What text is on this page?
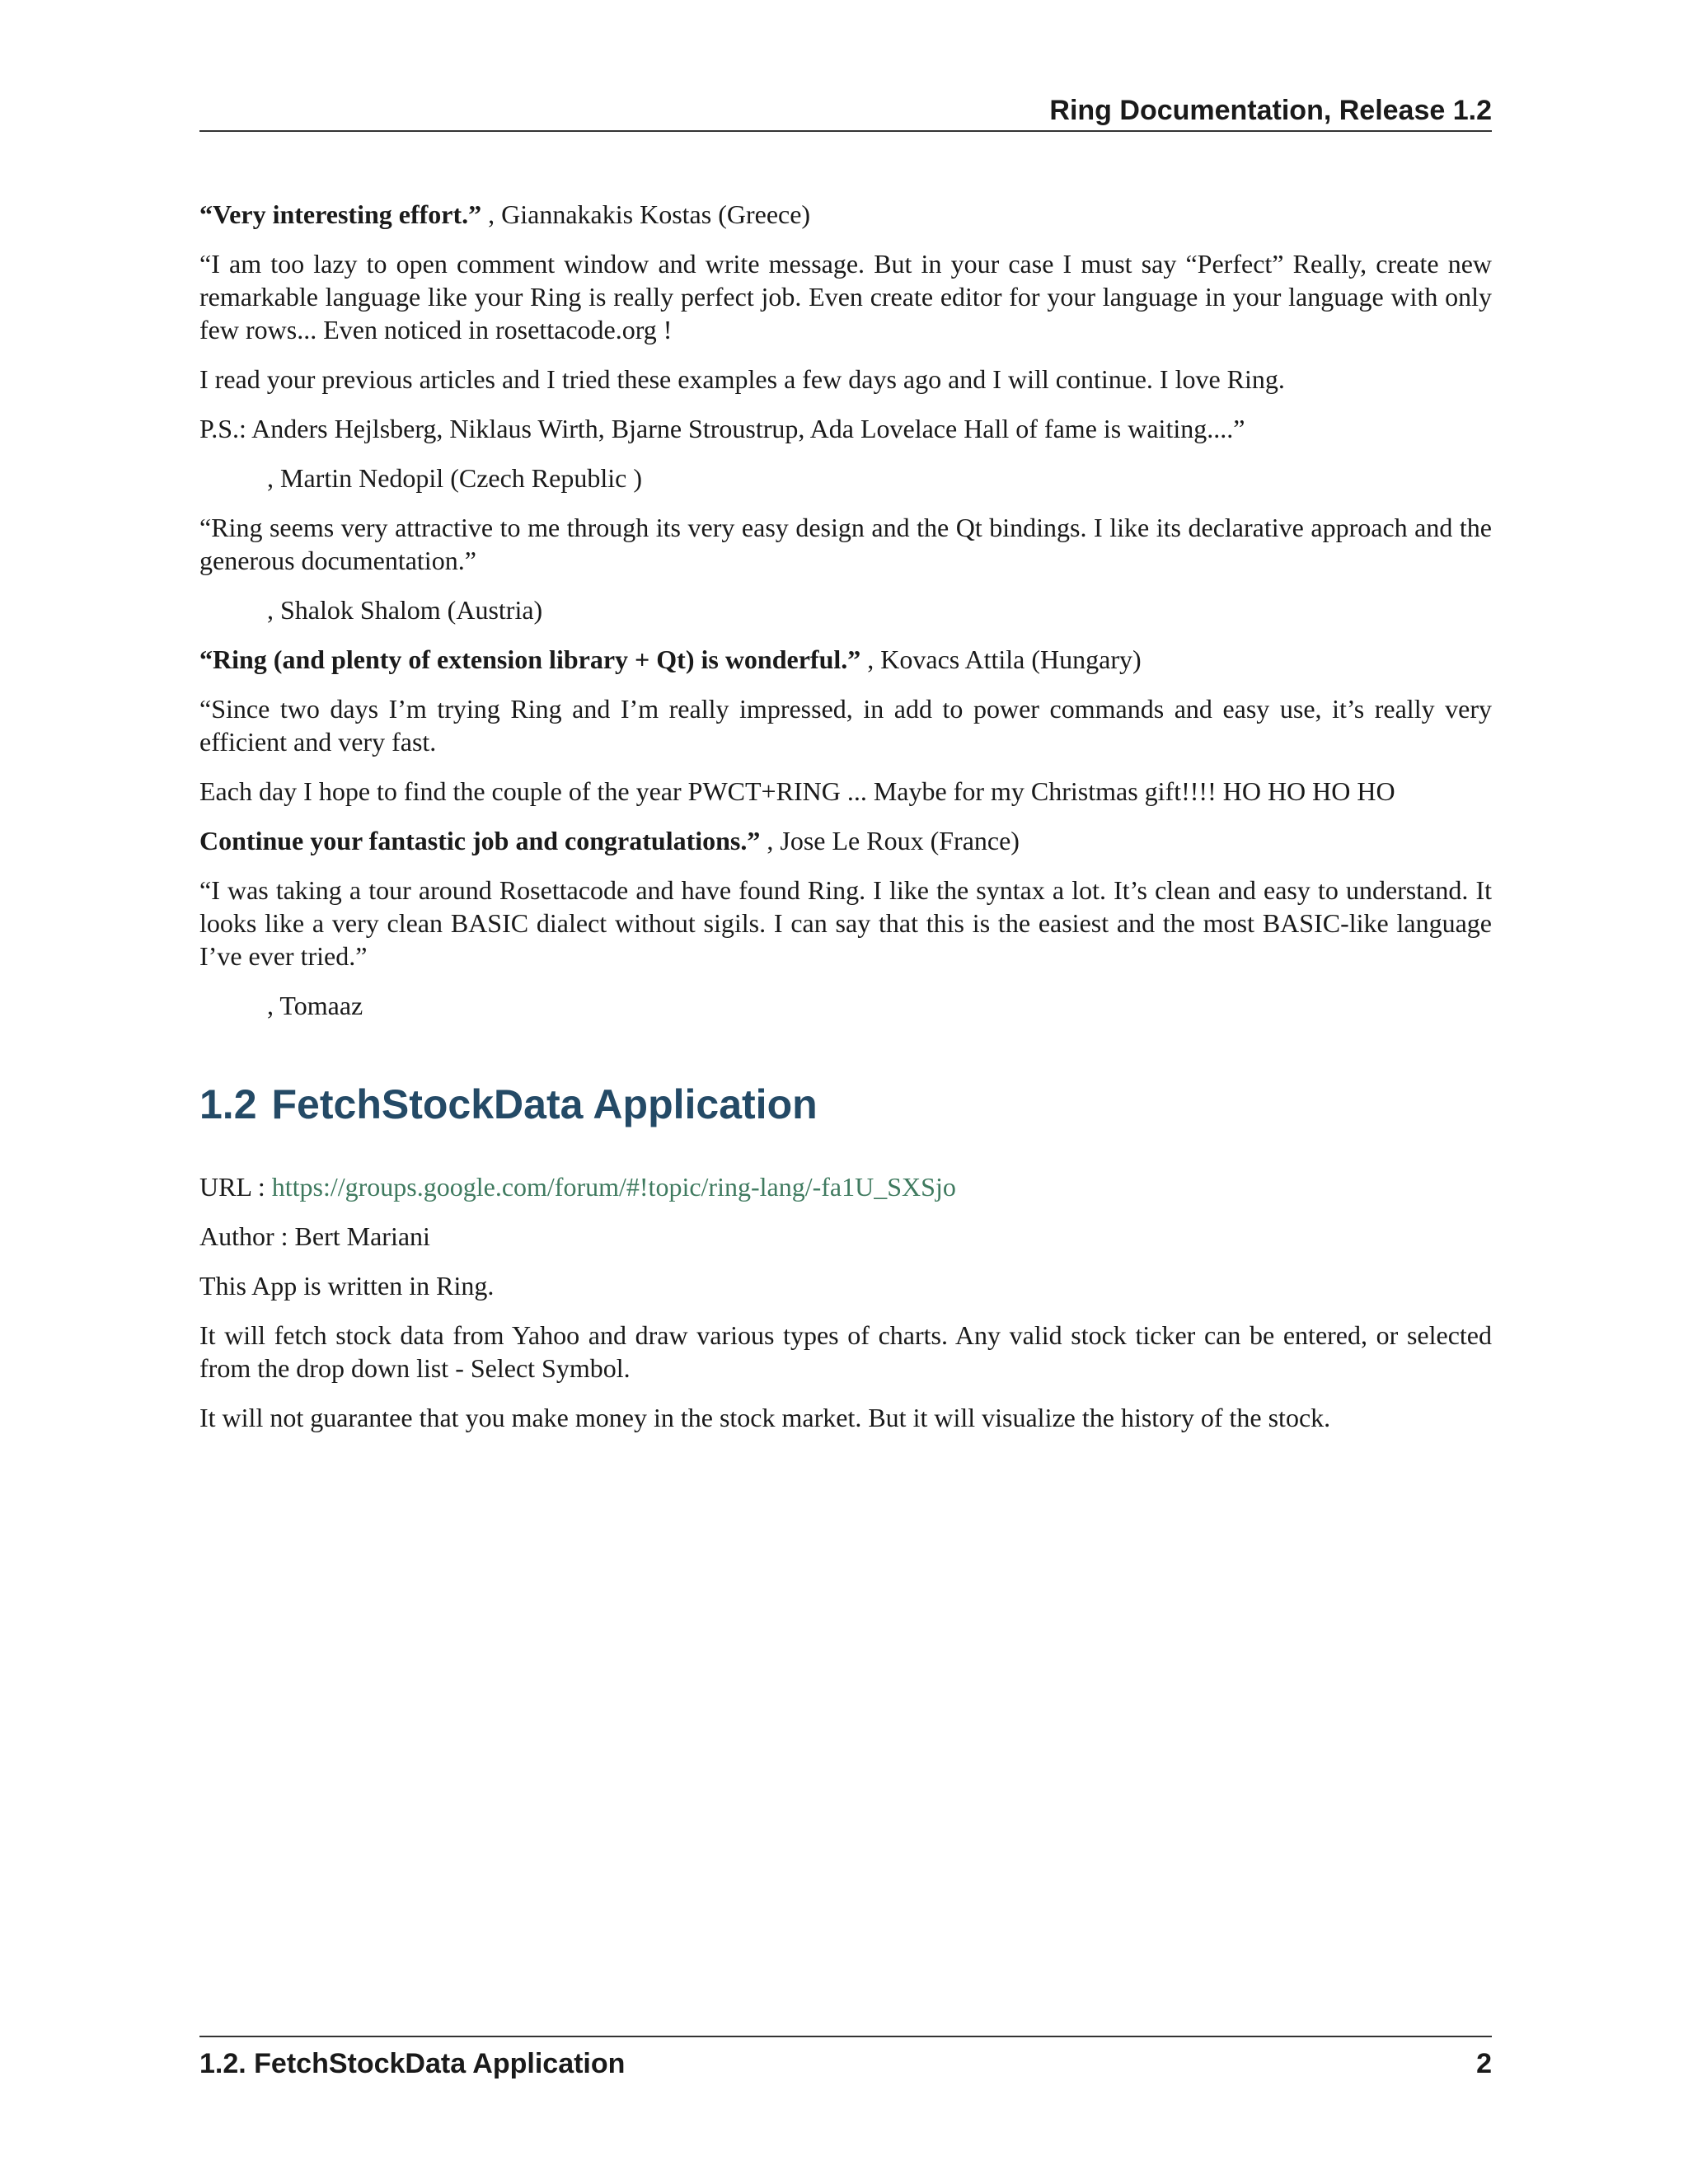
Ring Documentation, Release 1.2

“Very interesting effort.” , Giannakakis Kostas (Greece)

“I am too lazy to open comment window and write message. But in your case I must say “Perfect” Really, create new remarkable language like your Ring is really perfect job. Even create editor for your language in your language with only few rows... Even noticed in rosettacode.org !

I read your previous articles and I tried these examples a few days ago and I will continue. I love Ring.

P.S.: Anders Hejlsberg, Niklaus Wirth, Bjarne Stroustrup, Ada Lovelace Hall of fame is waiting....”

, Martin Nedopil (Czech Republic )

“Ring seems very attractive to me through its very easy design and the Qt bindings. I like its declarative approach and the generous documentation.”

, Shalok Shalom (Austria)

“Ring (and plenty of extension library + Qt) is wonderful.” , Kovacs Attila (Hungary)

“Since two days I’m trying Ring and I’m really impressed, in add to power commands and easy use, it’s really very efficient and very fast.

Each day I hope to find the couple of the year PWCT+RING ... Maybe for my Christmas gift!!!! HO HO HO HO

Continue your fantastic job and congratulations.” , Jose Le Roux (France)

“I was taking a tour around Rosettacode and have found Ring. I like the syntax a lot. It’s clean and easy to understand. It looks like a very clean BASIC dialect without sigils. I can say that this is the easiest and the most BASIC-like language I’ve ever tried.”

, Tomaaz

1.2 FetchStockData Application

URL : https://groups.google.com/forum/#!topic/ring-lang/-fa1U_SXSjo

Author : Bert Mariani

This App is written in Ring.

It will fetch stock data from Yahoo and draw various types of charts. Any valid stock ticker can be entered, or selected from the drop down list - Select Symbol.

It will not guarantee that you make money in the stock market. But it will visualize the history of the stock.

1.2. FetchStockData Application	2
